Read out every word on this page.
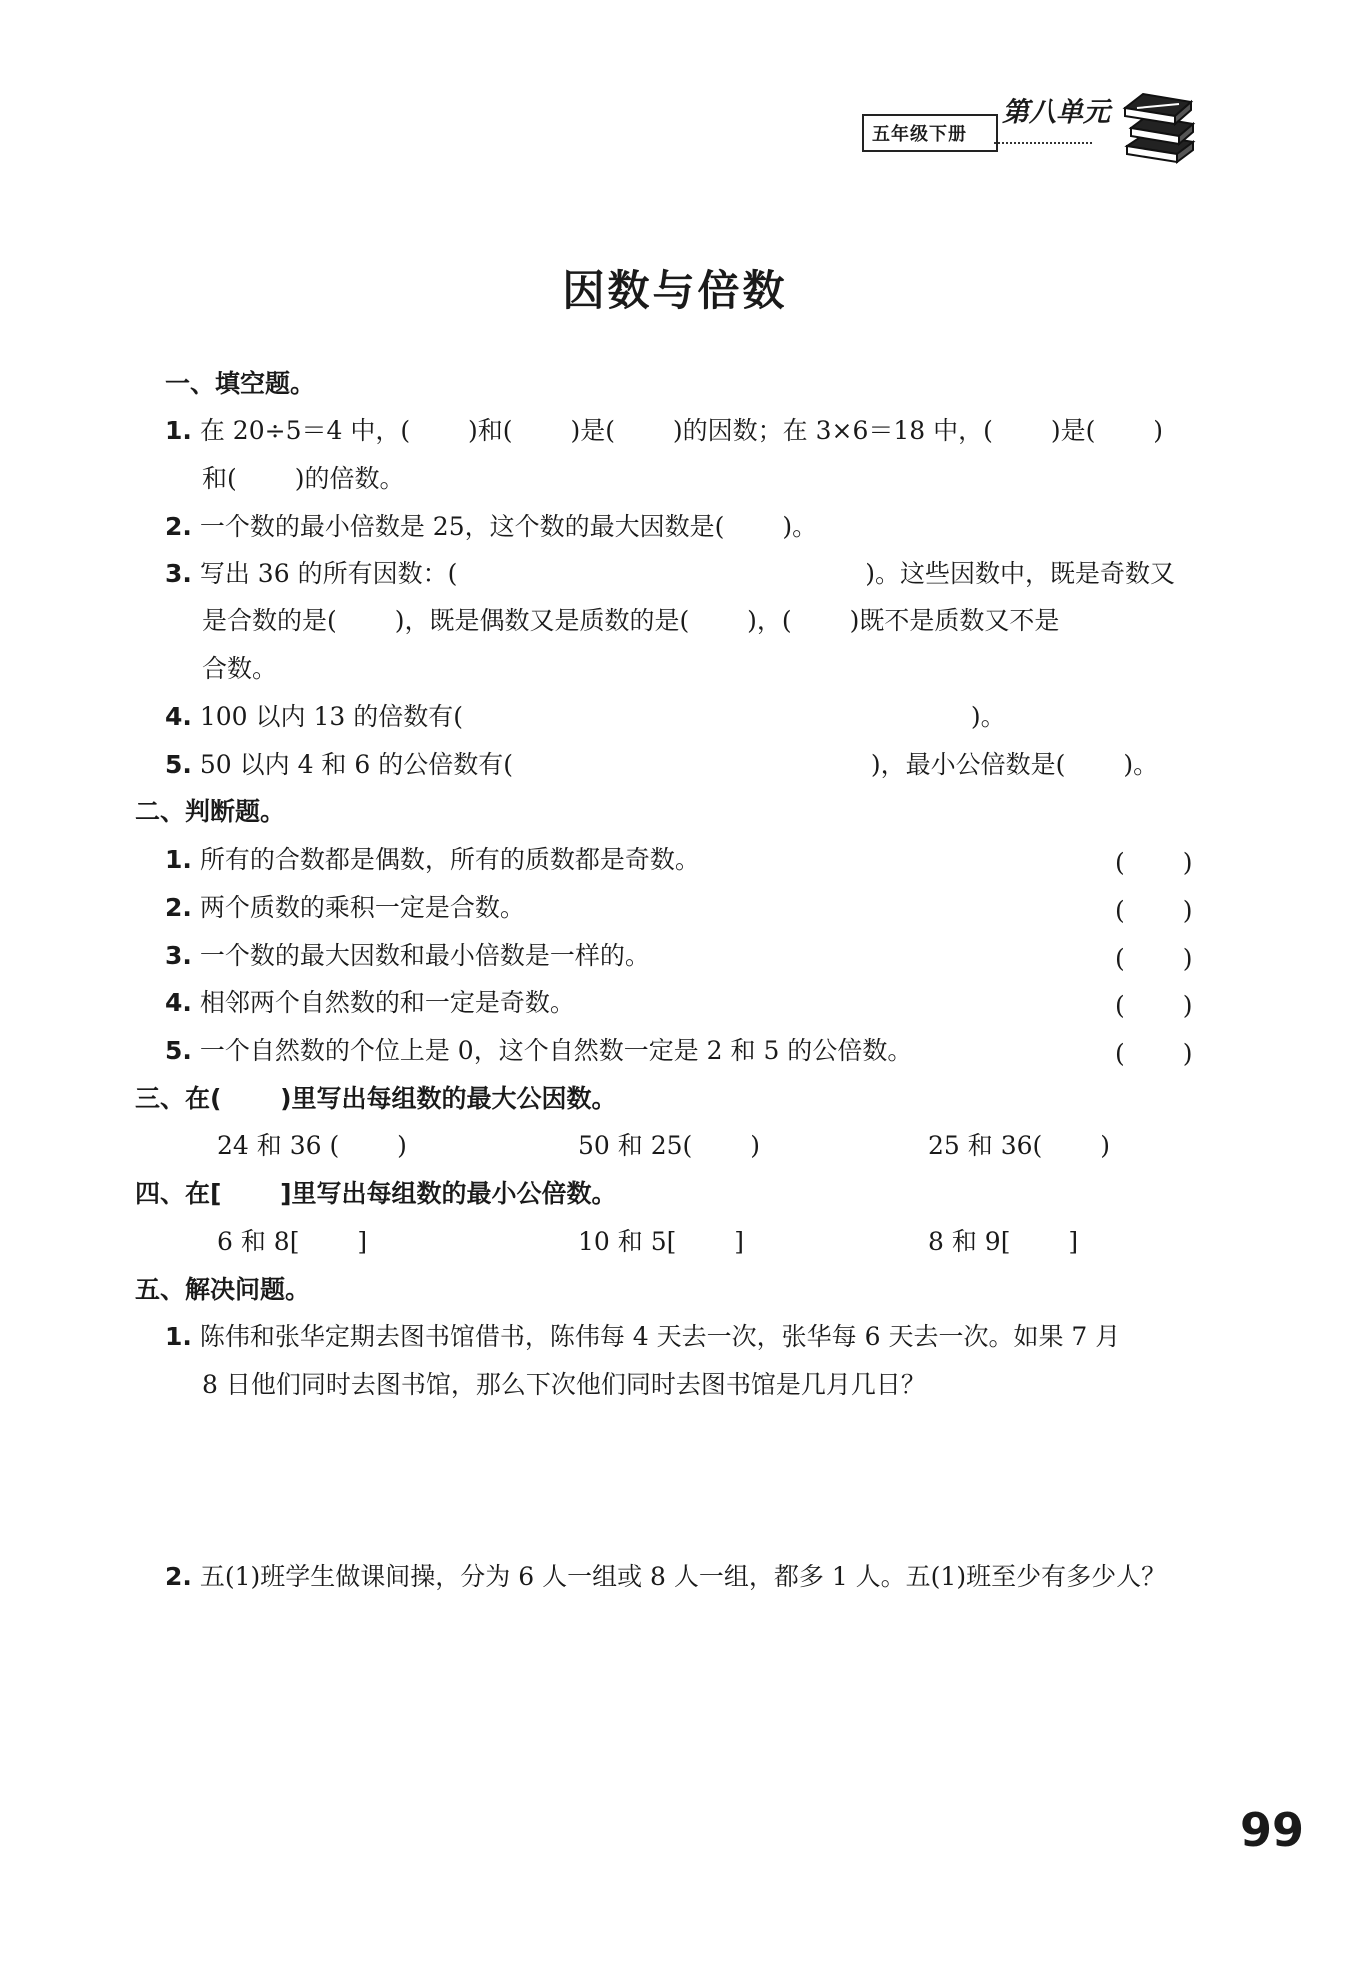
五年级下册
第八单元
因数与倍数
一、填空题。
1. 在 20÷5＝4 中，(　　 )和(　　 )是(　　 )的因数；在 3×6＝18 中，(　　 )是(　　 )
和(　　 )的倍数。
2. 一个数的最小倍数是 25，这个数的最大因数是(　　 )。
3. 写出 36 的所有因数：(　　　　　　　　　　　　　　　　 )。这些因数中，既是奇数又
是合数的是(　　 )，既是偶数又是质数的是(　　 )，(　　 )既不是质数又不是
合数。
4. 100 以内 13 的倍数有(　　　　　　　　　　　　　　　　　　　　 )。
5. 50 以内 4 和 6 的公倍数有(　　　　　　　　　　　　　　 )，最小公倍数是(　　 )。
二、判断题。
1. 所有的合数都是偶数，所有的质数都是奇数。	(　　 )
2. 两个质数的乘积一定是合数。	(　　 )
3. 一个数的最大因数和最小倍数是一样的。	(　　 )
4. 相邻两个自然数的和一定是奇数。	(　　 )
5. 一个自然数的个位上是 0，这个自然数一定是 2 和 5 的公倍数。	(　　 )
三、在(　　 )里写出每组数的最大公因数。
24 和 36 (　　 )	50 和 25(　　 )	25 和 36(　　 )
四、在[　　 ]里写出每组数的最小公倍数。
6 和 8[　　 ]	10 和 5[　　 ]	8 和 9[　　 ]
五、解决问题。
1. 陈伟和张华定期去图书馆借书，陈伟每 4 天去一次，张华每 6 天去一次。如果 7 月
8 日他们同时去图书馆，那么下次他们同时去图书馆是几月几日？
2. 五(1)班学生做课间操，分为 6 人一组或 8 人一组，都多 1 人。五(1)班至少有多少人？
99
